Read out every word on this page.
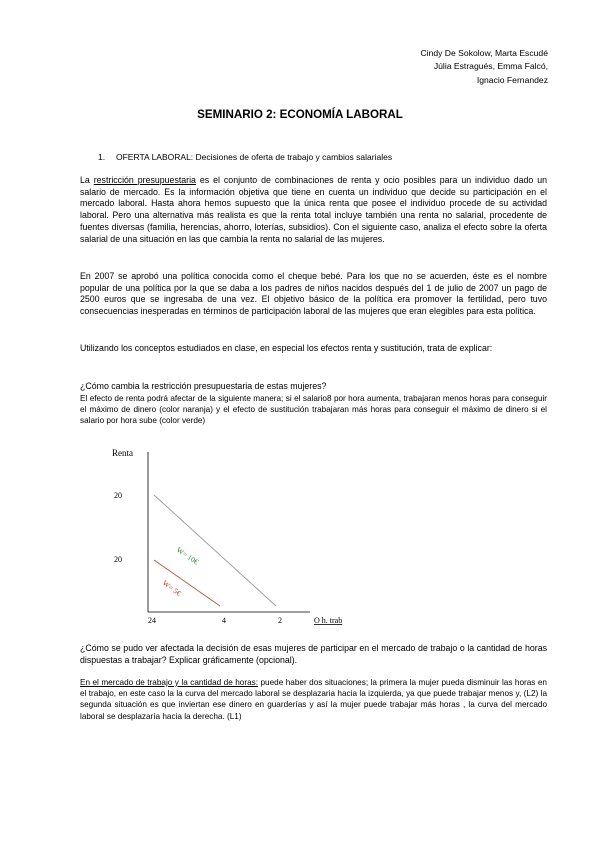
Cindy De Sokolow, Marta Escudé
Júlia Estragués, Emma Falcó,
Ignacio Fernandez
SEMINARIO 2: ECONOMÍA LABORAL
1. OFERTA LABORAL: Decisiones de oferta de trabajo y cambios salariales
La restricción presupuestaria es el conjunto de combinaciones de renta y ocio posibles para un individuo dado un salario de mercado. Es la información objetiva que tiene en cuenta un individuo que decide su participación en el mercado laboral. Hasta ahora hemos supuesto que la única renta que posee el individuo procede de su actividad laboral. Pero una alternativa más realista es que la renta total incluye también una renta no salarial, procedente de fuentes diversas (familia, herencias, ahorro, loterías, subsidios). Con el siguiente caso, analiza el efecto sobre la oferta salarial de una situación en las que cambia la renta no salarial de las mujeres.
En 2007 se aprobó una política conocida como el cheque bebé. Para los que no se acuerden, éste es el nombre popular de una política por la que se daba a los padres de niños nacidos después del 1 de julio de 2007 un pago de 2500 euros que se ingresaba de una vez. El objetivo básico de la política era promover la fertilidad, pero tuvo consecuencias inesperadas en términos de participación laboral de las mujeres que eran elegibles para esta política.
Utilizando los conceptos estudiados en clase, en especial los efectos renta y sustitución, trata de explicar:
¿Cómo cambia la restricción presupuestaria de estas mujeres?
El efecto de renta podrá afectar de la siguiente manera; si el salario8 por hora aumenta, trabajaran menos horas para conseguir el máximo de dinero (color naranja) y el efecto de sustitución trabajaran más horas para conseguir el máximo de dinero si el salario por hora sube (color verde)
Renta
20
20
24	4	2	O h. trab
W= 10€
W= 5€
¿Cómo se pudo ver afectada la decisión de esas mujeres de participar en el mercado de trabajo o la cantidad de horas dispuestas a trabajar? Explicar gráficamente (opcional).
En el mercado de trabajo y la cantidad de horas: puede haber dos situaciones; la primera la mujer pueda disminuir las horas en el trabajo, en este caso la la curva del mercado laboral se desplazaria hacia la izquierda, ya que puede trabajar menos y, (L2) la segunda situación es que inviertan ese dinero en guarderías y así la mujer puede trabajar más horas , la curva del mercado laboral se desplazaría hacia la derecha. (L1)
